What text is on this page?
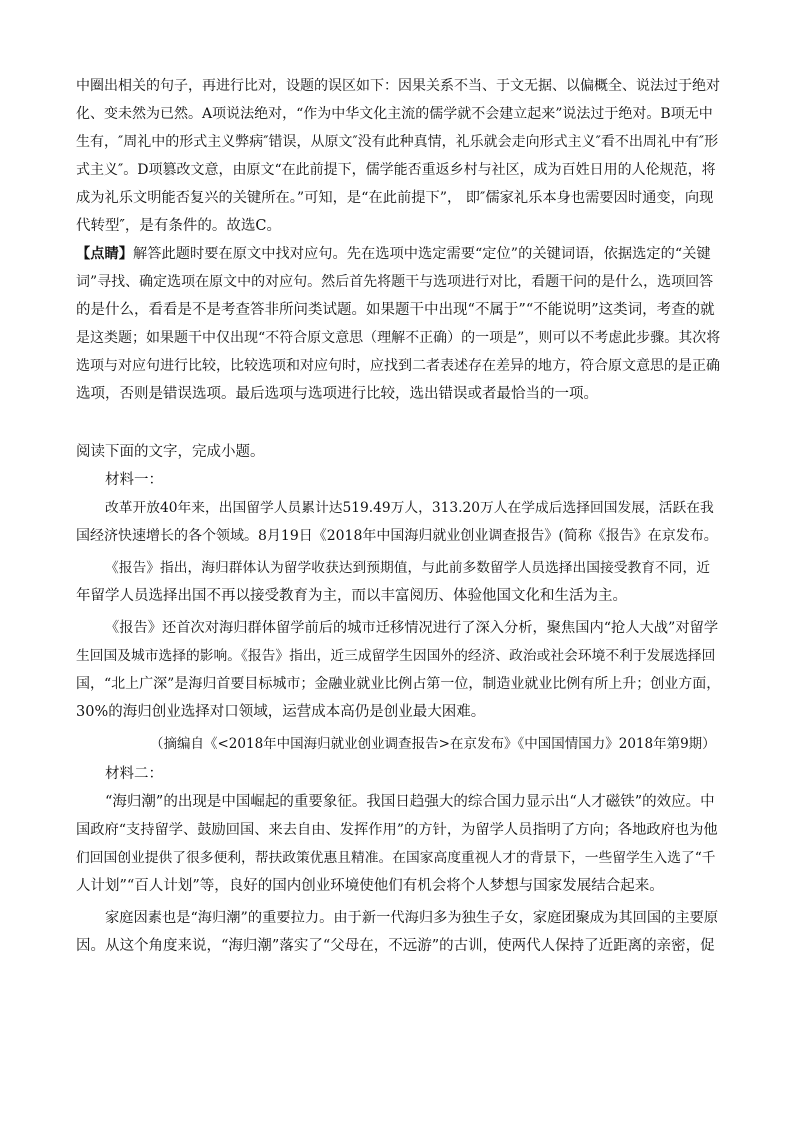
中圈出相关的句子，再进行比对，设题的误区如下：因果关系不当、于文无据、以偏概全、说法过于绝对
化、变未然为已然。A项说法绝对，“作为中华文化主流的儒学就不会建立起来”说法过于绝对。B项无中
生有，″周礼中的形式主义弊病″错误，从原文″没有此种真情，礼乐就会走向形式主义″看不出周礼中有″形
式主义″。D项篡改文意，由原文“在此前提下，儒学能否重返乡村与社区，成为百姓日用的人伦规范，将
成为礼乐文明能否复兴的关键所在。”可知，是“在此前提下”， 即″儒家礼乐本身也需要因时通变，向现
代转型″，是有条件的。故选C。
【点睛】解答此题时要在原文中找对应句。先在选项中选定需要“定位”的关键词语，依据选定的“关键
词”寻找、确定选项在原文中的对应句。然后首先将题干与选项进行对比，看题干问的是什么，选项回答
的是什么，看看是不是考查答非所问类试题。如果题干中出现“不属于”“不能说明”这类词，考查的就
是这类题；如果题干中仅出现“不符合原文意思（理解不正确）的一项是”，则可以不考虑此步骤。其次将
选项与对应句进行比较，比较选项和对应句时，应找到二者表述存在差异的地方，符合原文意思的是正确
选项，否则是错误选项。最后选项与选项进行比较，选出错误或者最恰当的一项。
阅读下面的文字，完成小题。
材料一：
改革开放40年来，出国留学人员累计达519.49万人，313.20万人在学成后选择回国发展，活跃在我
国经济快速增长的各个领域。8月19日《2018年中国海归就业创业调查报告》(简称《报告》在京发布。
《报告》指出，海归群体认为留学收获达到预期值，与此前多数留学人员选择出国接受教育不同，近
年留学人员选择出国不再以接受教育为主，而以丰富阅历、体验他国文化和生活为主。
《报告》还首次对海归群体留学前后的城市迁移情况进行了深入分析，聚焦国内“抢人大战”对留学
生回国及城市选择的影响。《报告》指出，近三成留学生因国外的经济、政治或社会环境不利于发展选择回
国，“北上广深”是海归首要目标城市；金融业就业比例占第一位，制造业就业比例有所上升；创业方面，
30%的海归创业选择对口领域，运营成本高仍是创业最大困难。
（摘编自《<2018年中国海归就业创业调查报告>在京发布》《中国国情国力》2018年第9期）
材料二：
“海归潮”的出现是中国崛起的重要象征。我国日趋强大的综合国力显示出“人才磁铁”的效应。中
国政府“支持留学、鼓励回国、来去自由、发挥作用”的方针，为留学人员指明了方向；各地政府也为他
们回国创业提供了很多便利，帮扶政策优惠且精准。在国家高度重视人才的背景下，一些留学生入选了“千
人计划”“百人计划”等，良好的国内创业环境使他们有机会将个人梦想与国家发展结合起来。
家庭因素也是“海归潮”的重要拉力。由于新一代海归多为独生子女，家庭团聚成为其回国的主要原
因。从这个角度来说，“海归潮”落实了“父母在，不远游”的古训，使两代人保持了近距离的亲密，促
